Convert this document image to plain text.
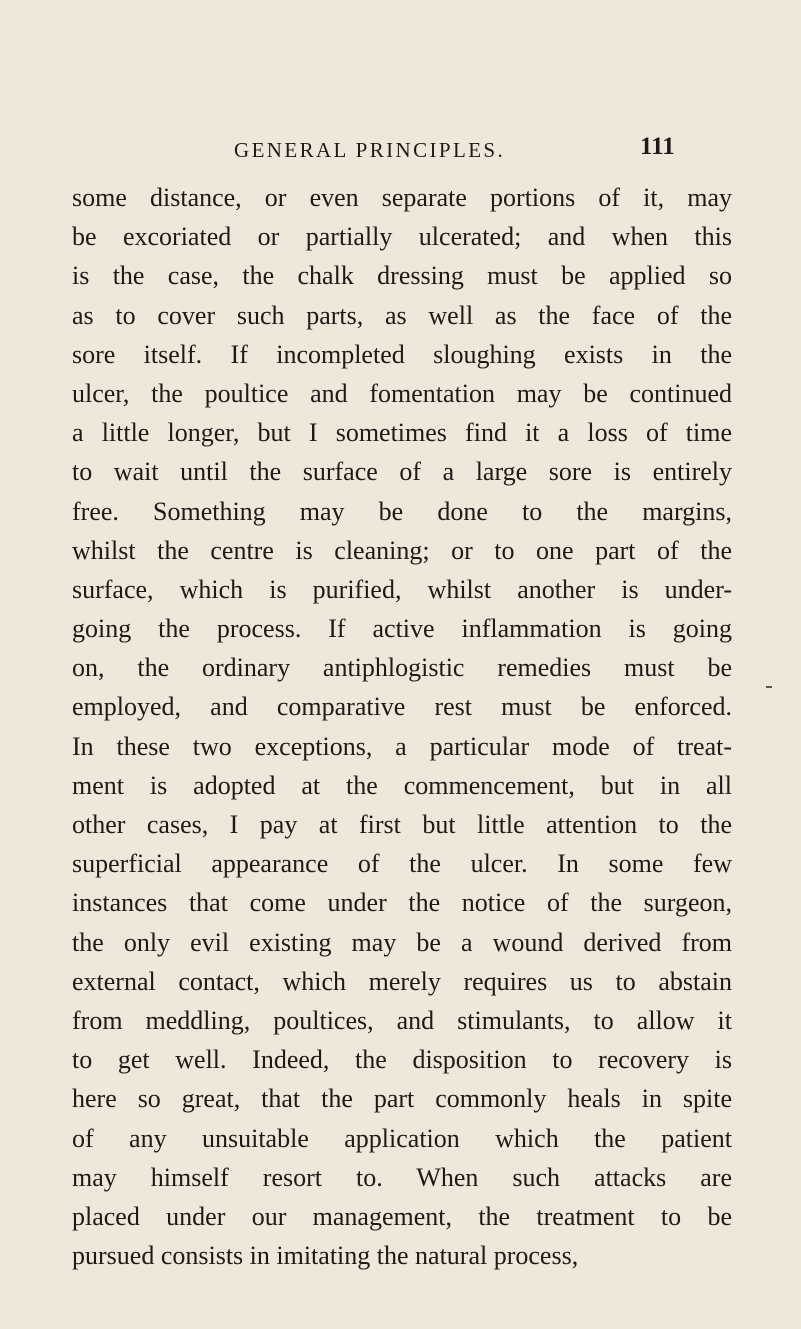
GENERAL PRINCIPLES.	111
some distance, or even separate portions of it, may
be excoriated or partially ulcerated; and when this
is the case, the chalk dressing must be applied so
as to cover such parts, as well as the face of the
sore itself. If incompleted sloughing exists in the
ulcer, the poultice and fomentation may be continued
a little longer, but I sometimes find it a loss of time
to wait until the surface of a large sore is entirely
free. Something may be done to the margins,
whilst the centre is cleaning; or to one part of the
surface, which is purified, whilst another is under-
going the process. If active inflammation is going
on, the ordinary antiphlogistic remedies must be
employed, and comparative rest must be enforced.
In these two exceptions, a particular mode of treat-
ment is adopted at the commencement, but in all
other cases, I pay at first but little attention to the
superficial appearance of the ulcer. In some few
instances that come under the notice of the surgeon,
the only evil existing may be a wound derived from
external contact, which merely requires us to abstain
from meddling, poultices, and stimulants, to allow it
to get well. Indeed, the disposition to recovery is
here so great, that the part commonly heals in spite
of any unsuitable application which the patient
may himself resort to. When such attacks are
placed under our management, the treatment to be
pursued consists in imitating the natural process,
